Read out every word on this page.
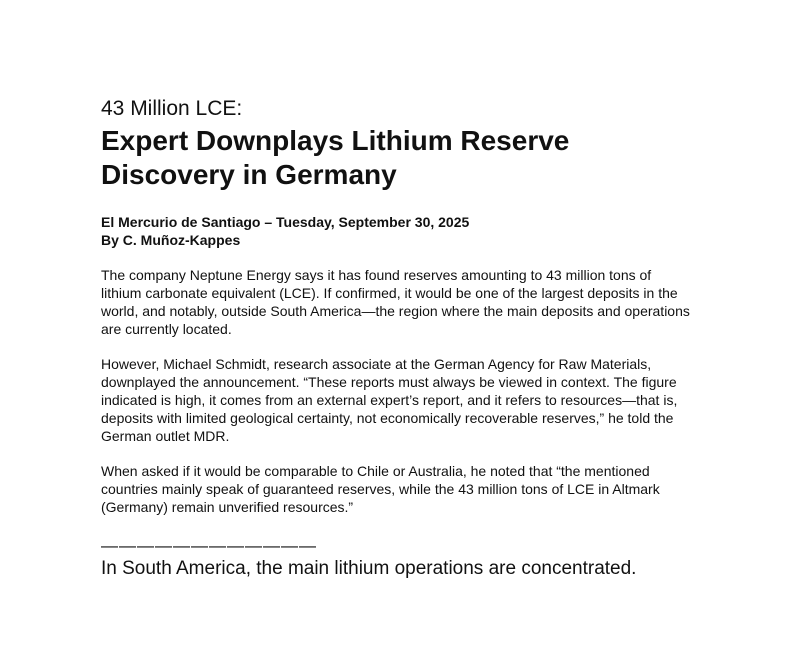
43 Million LCE:
Expert Downplays Lithium Reserve Discovery in Germany
El Mercurio de Santiago – Tuesday, September 30, 2025
By C. Muñoz-Kappes

The company Neptune Energy says it has found reserves amounting to 43 million tons of lithium carbonate equivalent (LCE). If confirmed, it would be one of the largest deposits in the world, and notably, outside South America—the region where the main deposits and operations are currently located.

However, Michael Schmidt, research associate at the German Agency for Raw Materials, downplayed the announcement. “These reports must always be viewed in context. The figure indicated is high, it comes from an external expert’s report, and it refers to resources—that is, deposits with limited geological certainty, not economically recoverable reserves,” he told the German outlet MDR.

When asked if it would be comparable to Chile or Australia, he noted that “the mentioned countries mainly speak of guaranteed reserves, while the 43 million tons of LCE in Altmark (Germany) remain unverified resources.”

————————————

In South America, the main lithium operations are concentrated.
